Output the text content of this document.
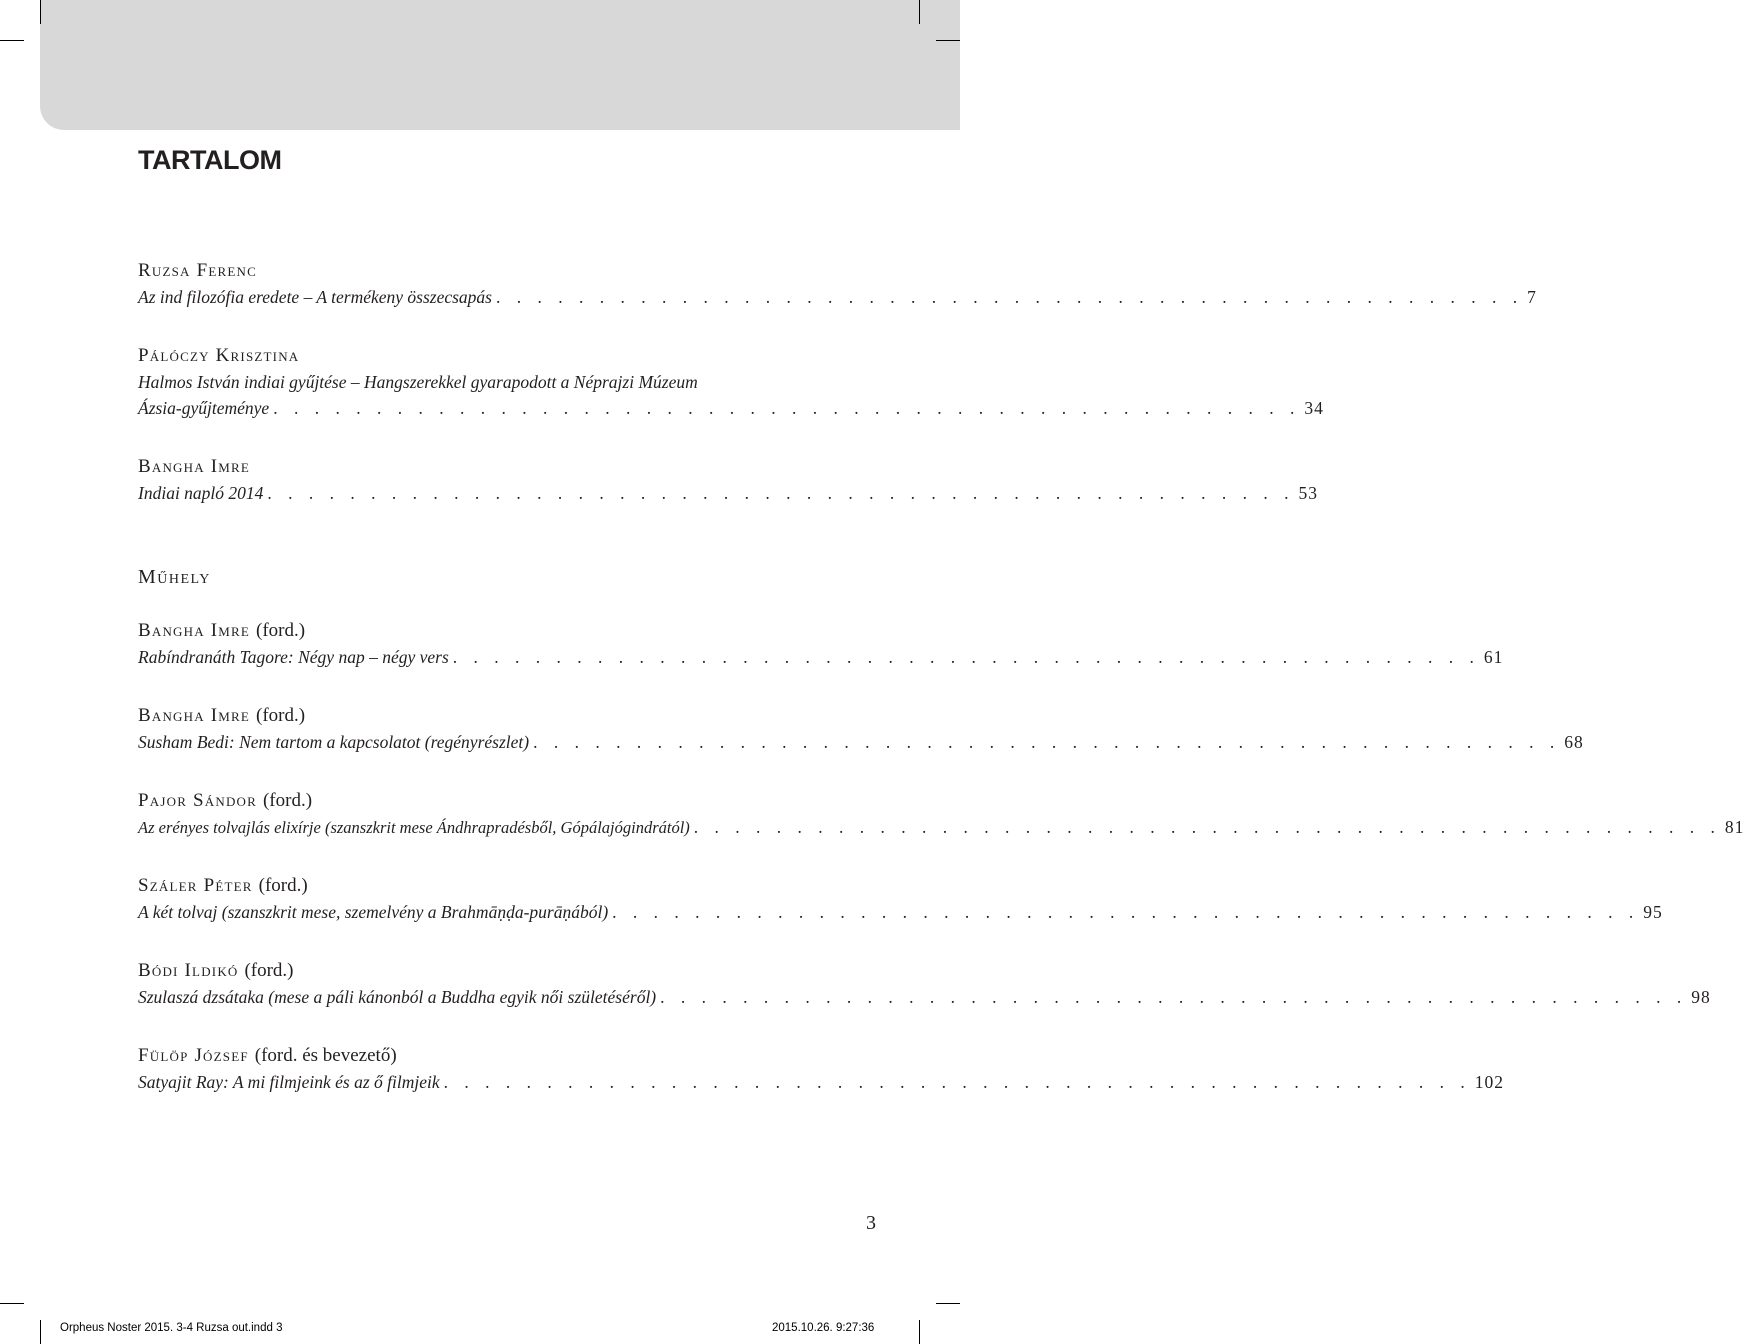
TARTALOM
Ruzsa Ferenc
Az ind filozófia eredete – A termékeny összecsapás . . . . . . . . . . . . . . . . . . . . . . . . . . . . . . . . . . . . . . . . . . . . . . . . . . 7
Pálóczy Krisztina
Halmos István indiai gyűjtése – Hangszerekkel gyarapodott a Néprajzi Múzeum
Ázsia-gyűjteménye . . . . . . . . . . . . . . . . . . . . . . . . . . . . . . . . . . . . . . . . . . . . . . . . . . 34
Bangha Imre
Indiai napló 2014 . . . . . . . . . . . . . . . . . . . . . . . . . . . . . . . . . . . . . . . . . . . . . . . . . . 53
Műhely
Bangha Imre (ford.)
Rabíndranáth Tagore: Négy nap – négy vers . . . . . . . . . . . . . . . . . . . . . . . . . . . . . . . . . . . . . . . . . . . . . . . . . . 61
Bangha Imre (ford.)
Susham Bedi: Nem tartom a kapcsolatot (regényrészlet) . . . . . . . . . . . . . . . . . . . . . . . . . . . . . . . . . . . . . . . . . . . . . . . . . . 68
Pajor Sándor (ford.)
Az erényes tolvajlás elixírje (szanszkrit mese Ándhrapradésből, Gópálajógindrától) . . . . . . . . . . . . . . . . . . . . . . . . . . . . . . . . . . . . . . . . . . . . . . . . . . 81
Száler Péter (ford.)
A két tolvaj (szanszkrit mese, szemelvény a Brahmāṇḍa-purāṇából) . . . . . . . . . . . . . . . . . . . . . . . . . . . . . . . . . . . . . . . . . . . . . . . . . . 95
Bódi Ildikó (ford.)
Szulaszá dzsátaka (mese a páli kánonból a Buddha egyik női születéséről) . . . . . . . . . . . . . . . . . . . . . . . . . . . . . . . . . . . . . . . . . . . . . . . . . . 98
Fülöp József (ford. és bevezető)
Satyajit Ray: A mi filmjeink és az ő filmjeik . . . . . . . . . . . . . . . . . . . . . . . . . . . . . . . . . . . . . . . . . . . . . . . . . . 102
3
Orpheus Noster 2015. 3-4 Ruzsa out.indd 3	2015.10.26. 9:27:36
